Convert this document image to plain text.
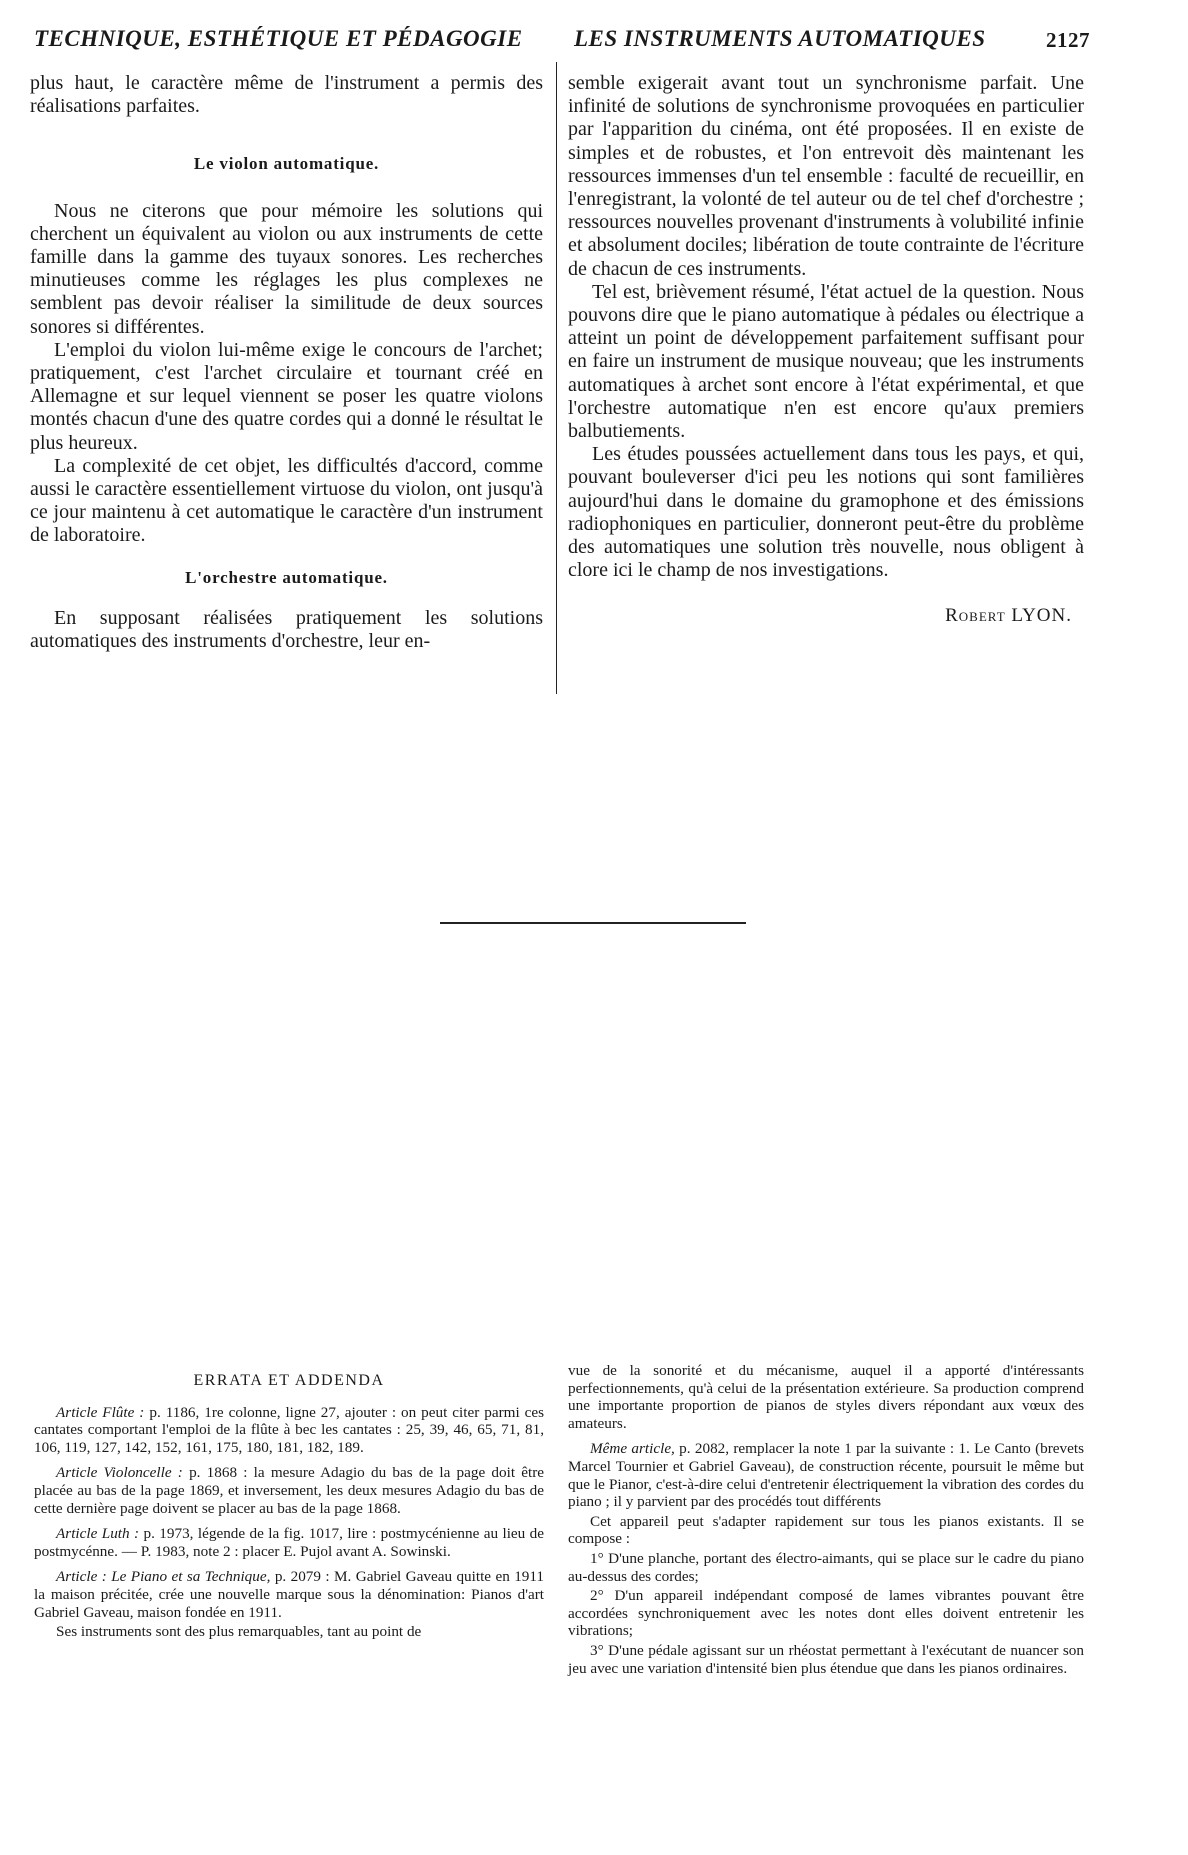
TECHNIQUE, ESTHÉTIQUE ET PÉDAGOGIE LES INSTRUMENTS AUTOMATIQUES	2127

plus haut, le caractère même de l'instrument a permis des réalisations parfaites.

Le violon automatique.

Nous ne citerons que pour mémoire les solutions qui cherchent un équivalent au violon ou aux instruments de cette famille dans la gamme des tuyaux sonores. Les recherches minutieuses comme les réglages les plus complexes ne semblent pas devoir réaliser la similitude de deux sources sonores si différentes.

L'emploi du violon lui-même exige le concours de l'archet; pratiquement, c'est l'archet circulaire et tournant créé en Allemagne et sur lequel viennent se poser les quatre violons montés chacun d'une des quatre cordes qui a donné le résultat le plus heureux.

La complexité de cet objet, les difficultés d'accord, comme aussi le caractère essentiellement virtuose du violon, ont jusqu'à ce jour maintenu à cet automatique le caractère d'un instrument de laboratoire.

L'orchestre automatique.

En supposant réalisées pratiquement les solutions automatiques des instruments d'orchestre, leur en-

semble exigerait avant tout un synchronisme parfait. Une infinité de solutions de synchronisme provoquées en particulier par l'apparition du cinéma, ont été proposées. Il en existe de simples et de robustes, et l'on entrevoit dès maintenant les ressources immenses d'un tel ensemble : faculté de recueillir, en l'enregistrant, la volonté de tel auteur ou de tel chef d'orchestre ; ressources nouvelles provenant d'instruments à volubilité infinie et absolument dociles; libération de toute contrainte de l'écriture de chacun de ces instruments.

Tel est, brièvement résumé, l'état actuel de la question. Nous pouvons dire que le piano automatique à pédales ou électrique a atteint un point de développement parfaitement suffisant pour en faire un instrument de musique nouveau; que les instruments automatiques à archet sont encore à l'état expérimental, et que l'orchestre automatique n'en est encore qu'aux premiers balbutiements.

Les études poussées actuellement dans tous les pays, et qui, pouvant bouleverser d'ici peu les notions qui sont familières aujourd'hui dans le domaine du gramophone et des émissions radiophoniques en particulier, donneront peut-être du problème des automatiques une solution très nouvelle, nous obligent à clore ici le champ de nos investigations.

Robert LYON.
ERRATA ET ADDENDA

Article Flûte : p. 1186, 1re colonne, ligne 27, ajouter : on peut citer parmi ces cantates comportant l'emploi de la flûte à bec les cantates : 25, 39, 46, 65, 71, 81, 106, 119, 127, 142, 152, 161, 175, 180, 181, 182, 189.

Article Violoncelle : p. 1868 : la mesure Adagio du bas de la page doit être placée au bas de la page 1869, et inversement, les deux mesures Adagio du bas de cette dernière page doivent se placer au bas de la page 1868.

Article Luth : p. 1973, légende de la fig. 1017, lire : postmycénienne au lieu de postmycénne. — P. 1983, note 2 : placer E. Pujol avant A. Sowinski.

Article : Le Piano et sa Technique, p. 2079 : M. Gabriel Gaveau quitte en 1911 la maison précitée, crée une nouvelle marque sous la dénomination: Pianos d'art Gabriel Gaveau, maison fondée en 1911.

Ses instruments sont des plus remarquables, tant au point de

vue de la sonorité et du mécanisme, auquel il a apporté d'intéressants perfectionnements, qu'à celui de la présentation extérieure. Sa production comprend une importante proportion de pianos de styles divers répondant aux vœux des amateurs.

Même article, p. 2082, remplacer la note 1 par la suivante : 1. Le Canto (brevets Marcel Tournier et Gabriel Gaveau), de construction récente, poursuit le même but que le Pianor, c'est-à-dire celui d'entretenir électriquement la vibration des cordes du piano ; il y parvient par des procédés tout différents

Cet appareil peut s'adapter rapidement sur tous les pianos existants. Il se compose :

1° D'une planche, portant des électro-aimants, qui se place sur le cadre du piano au-dessus des cordes;

2° D'un appareil indépendant composé de lames vibrantes pouvant être accordées synchroniquement avec les notes dont elles doivent entretenir les vibrations;

3° D'une pédale agissant sur un rhéostat permettant à l'exécutant de nuancer son jeu avec une variation d'intensité bien plus étendue que dans les pianos ordinaires.
